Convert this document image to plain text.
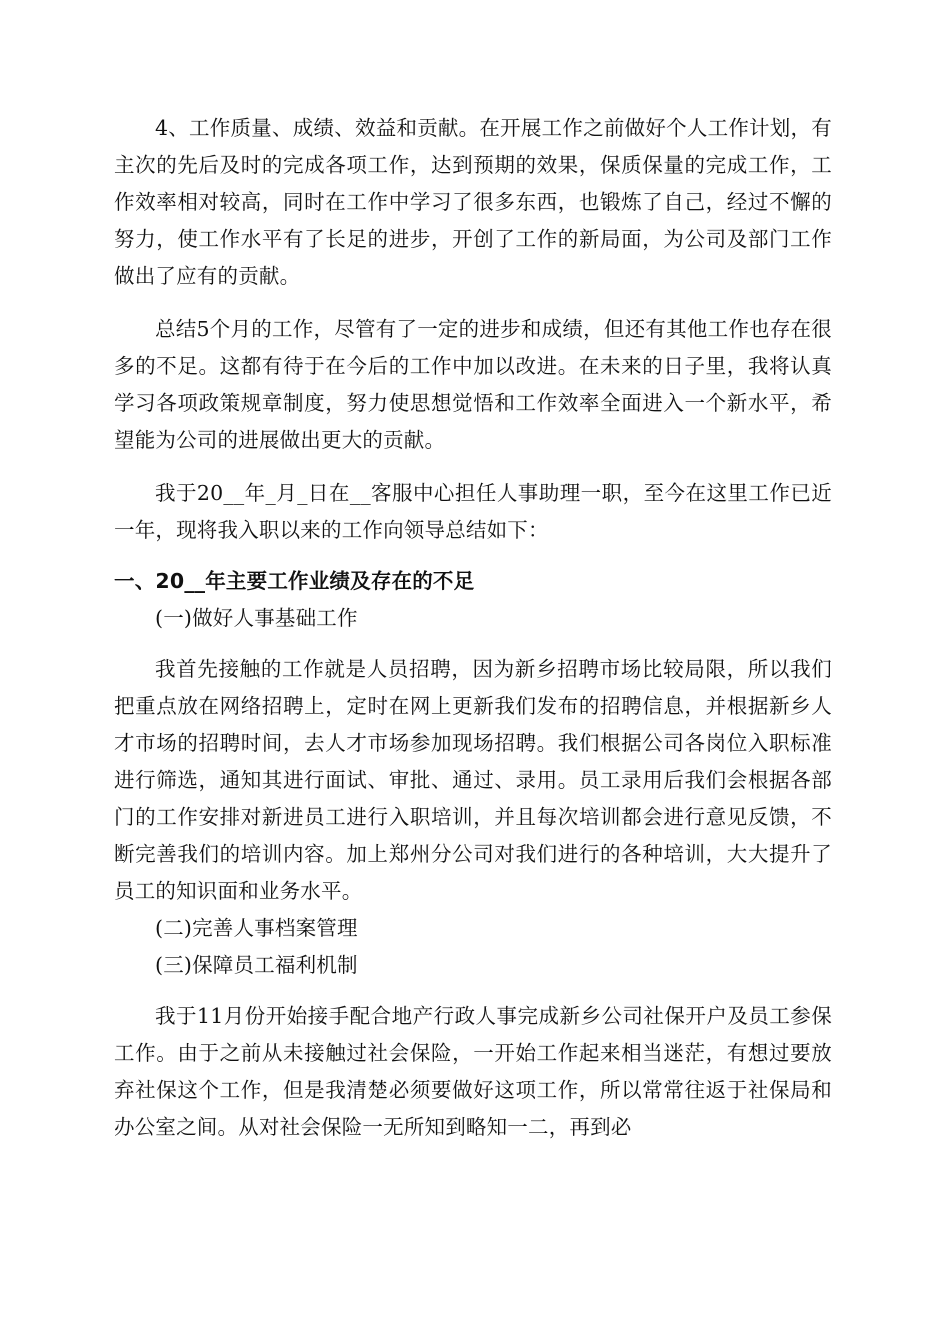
4、工作质量、成绩、效益和贡献。在开展工作之前做好个人工作计划，有主次的先后及时的完成各项工作，达到预期的效果，保质保量的完成工作，工作效率相对较高，同时在工作中学习了很多东西，也锻炼了自己，经过不懈的努力，使工作水平有了长足的进步，开创了工作的新局面，为公司及部门工作做出了应有的贡献。

总结5个月的工作，尽管有了一定的进步和成绩，但还有其他工作也存在很多的不足。这都有待于在今后的工作中加以改进。在未来的日子里，我将认真学习各项政策规章制度，努力使思想觉悟和工作效率全面进入一个新水平，希望能为公司的进展做出更大的贡献。

我于20__年_月_日在__客服中心担任人事助理一职，至今在这里工作已近一年，现将我入职以来的工作向领导总结如下：

一、20__年主要工作业绩及存在的不足

(一)做好人事基础工作

我首先接触的工作就是人员招聘，因为新乡招聘市场比较局限，所以我们把重点放在网络招聘上，定时在网上更新我们发布的招聘信息，并根据新乡人才市场的招聘时间，去人才市场参加现场招聘。我们根据公司各岗位入职标准进行筛选，通知其进行面试、审批、通过、录用。员工录用后我们会根据各部门的工作安排对新进员工进行入职培训，并且每次培训都会进行意见反馈，不断完善我们的培训内容。加上郑州分公司对我们进行的各种培训，大大提升了员工的知识面和业务水平。

(二)完善人事档案管理

(三)保障员工福利机制

我于11月份开始接手配合地产行政人事完成新乡公司社保开户及员工参保工作。由于之前从未接触过社会保险，一开始工作起来相当迷茫，有想过要放弃社保这个工作，但是我清楚必须要做好这项工作，所以常常往返于社保局和办公室之间。从对社会保险一无所知到略知一二，再到必
